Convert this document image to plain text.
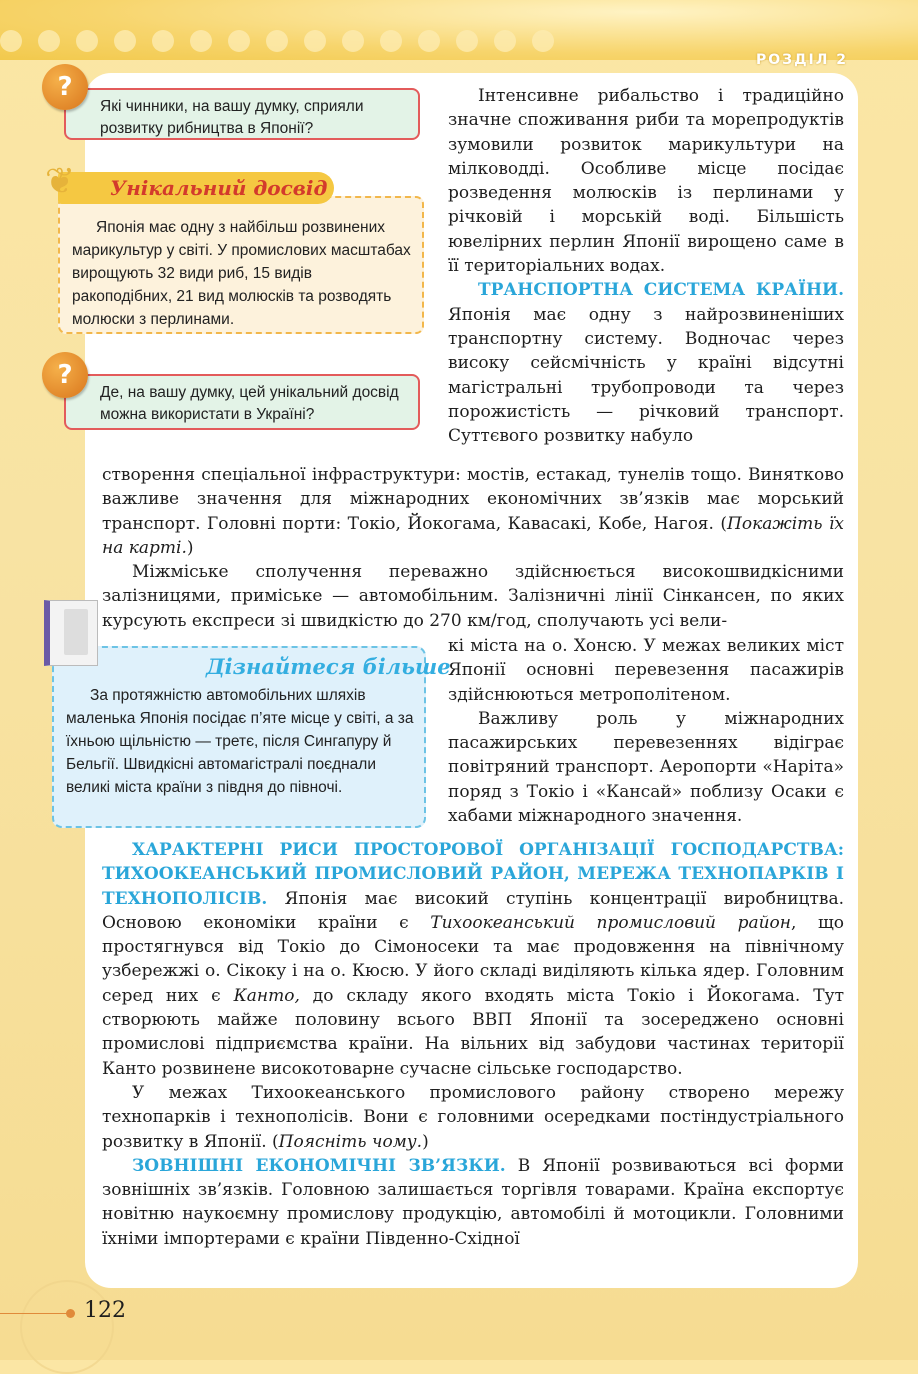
РОЗДІЛ 2
Які чинники, на вашу думку, сприяли розвитку рибництва в Японії?
?
Японія має одну з найбільш розвинених марикультур у світі. У промислових масштабах вирощують 32 види риб, 15 видів ракоподібних, 21 вид молюсків та розводять молюски з перлинами.
Унікальний досвід
❦
Де, на вашу думку, цей унікальний досвід можна використати в Україні?
?
За протяжністю автомобільних шляхів маленька Японія посідає п’яте місце у світі, а за їхньою щільністю — третє, після Сингапуру й Бельгії. Швидкісні автомагістралі поєднали великі міста країни з півдня до півночі.
Дізнайтеся більше

Інтенсивне рибальство і традиційно значне споживання риби та морепродуктів зумовили розвиток марикультури на мілководді. Особливе місце посідає розведення молюсків із перлинами у річковій і морській воді. Більшість ювелірних перлин Японії вирощено саме в її територіальних водах.

ТРАНСПОРТНА СИСТЕМА КРАЇНИ. Японія має одну з найрозвиненіших транспортну систему. Водночас через високу сейсмічність у країні відсутні магістральні трубопроводи та через порожистість — річковий транспорт. Суттєвого розвитку набуло

створення спеціальної інфраструктури: мостів, естакад, тунелів тощо. Винятково важливе значення для міжнародних економічних зв’язків має морський транспорт. Головні порти: Токіо, Йокогама, Кавасакі, Кобе, Нагоя. (Покажіть їх на карті.)

Міжміське сполучення переважно здійснюється високошвидкісними залізницями, приміське — автомобільним. Залізничні лінії Сінкансен, по яких курсують експреси зі швидкістю до 270 км/год, сполучають усі вели-

кі міста на о. Хонсю. У межах великих міст Японії основні перевезення пасажирів здійснюються метрополітеном.

Важливу роль у міжнародних пасажирських перевезеннях відіграє повітряний транспорт. Аеропорти «Наріта» поряд з Токіо і «Кансай» поблизу Осаки є хабами міжнародного значення.

ХАРАКТЕРНІ РИСИ ПРОСТОРОВОЇ ОРГАНІЗАЦІЇ ГОСПОДАРСТВА: ТИХООКЕАНСЬКИЙ ПРОМИСЛОВИЙ РАЙОН, МЕРЕЖА ТЕХНОПАРКІВ І ТЕХНОПОЛІСІВ. Японія має високий ступінь концентрації виробництва. Основою економіки країни є Тихоокеанський промисловий район, що простягнувся від Токіо до Сімоносеки та має продовження на північному узбережжі о. Сікоку і на о. Кюсю. У його складі виділяють кілька ядер. Головним серед них є Канто, до складу якого входять міста Токіо і Йокогама. Тут створюють майже половину всього ВВП Японії та зосереджено основні промислові підприємства країни. На вільних від забудови частинах території Канто розвинене високотоварне сучасне сільське господарство.

У межах Тихоокеанського промислового району створено мережу технопарків і технополісів. Вони є головними осередками постіндустріального розвитку в Японії. (Поясніть чому.)

ЗОВНІШНІ ЕКОНОМІЧНІ ЗВ’ЯЗКИ. В Японії розвиваються всі форми зовнішніх зв’язків. Головною залишається торгівля товарами. Країна експортує новітню наукоємну промислову продукцію, автомобілі й мотоцикли. Головними їхніми імпортерами є країни Південно-Східної

122
